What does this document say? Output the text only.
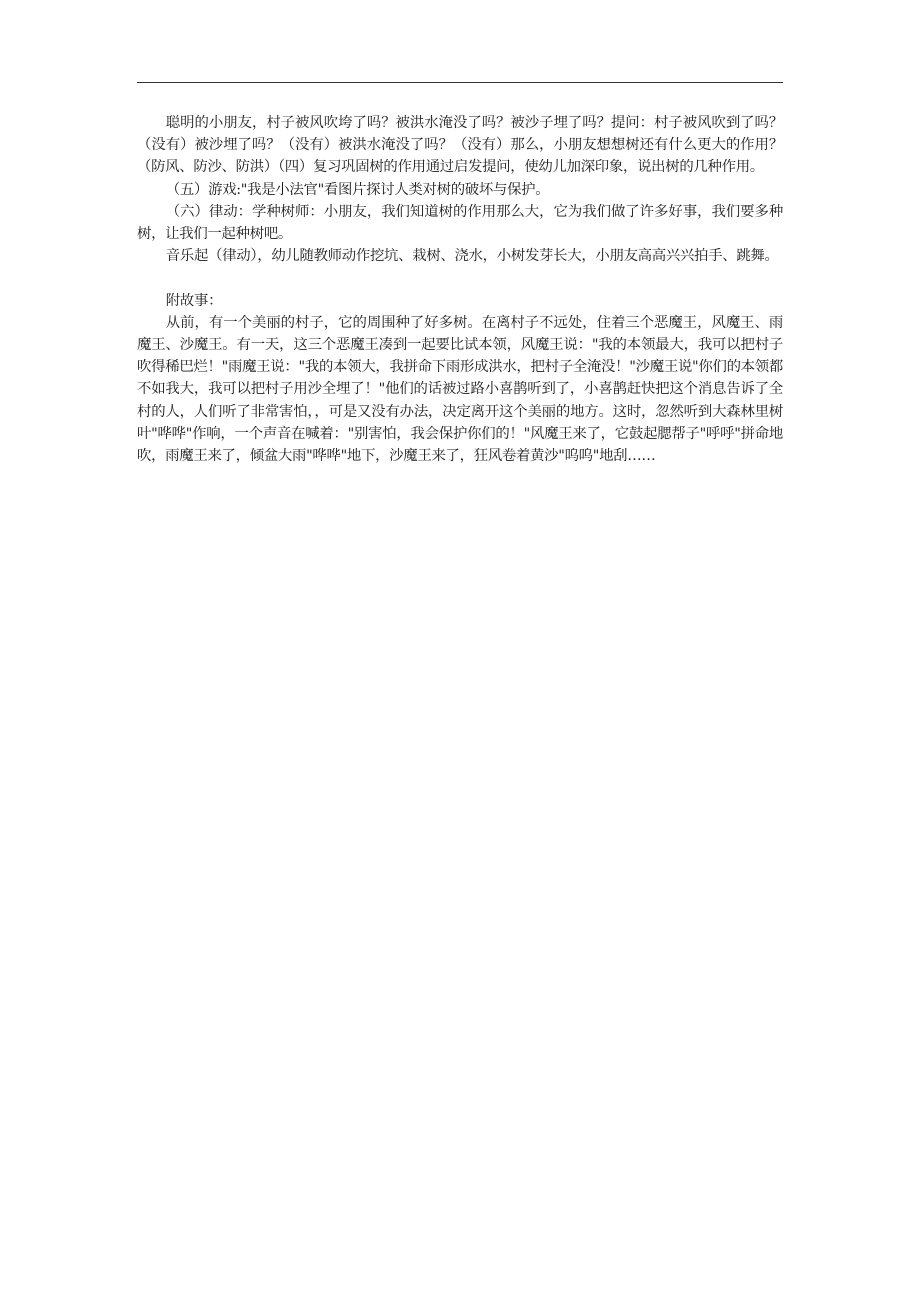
聪明的小朋友，村子被风吹垮了吗？被洪水淹没了吗？被沙子埋了吗？提问：村子被风吹到了吗？（没有）被沙埋了吗？（没有）被洪水淹没了吗？（没有）那么，小朋友想想树还有什么更大的作用？（防风、防沙、防洪）（四）复习巩固树的作用通过启发提问，使幼儿加深印象，说出树的几种作用。

（五）游戏:"我是小法官"看图片探讨人类对树的破坏与保护。

（六）律动：学种树师：小朋友，我们知道树的作用那么大，它为我们做了许多好事，我们要多种树，让我们一起种树吧。

音乐起（律动），幼儿随教师动作挖坑、栽树、浇水，小树发芽长大，小朋友高高兴兴拍手、跳舞。

附故事：

从前，有一个美丽的村子，它的周围种了好多树。在离村子不远处，住着三个恶魔王，风魔王、雨魔王、沙魔王。有一天，这三个恶魔王凑到一起要比试本领，风魔王说："我的本领最大，我可以把村子吹得稀巴烂！"雨魔王说："我的本领大，我拼命下雨形成洪水，把村子全淹没！"沙魔王说"你们的本领都不如我大，我可以把村子用沙全埋了！"他们的话被过路小喜鹊听到了，小喜鹊赶快把这个消息告诉了全村的人，人们听了非常害怕，，可是又没有办法，决定离开这个美丽的地方。这时，忽然听到大森林里树叶"哗哗"作响，一个声音在喊着："别害怕，我会保护你们的！"风魔王来了，它鼓起腮帮子"呼呼"拼命地吹，雨魔王来了，倾盆大雨"哗哗"地下，沙魔王来了，狂风卷着黄沙"呜呜"地刮……
